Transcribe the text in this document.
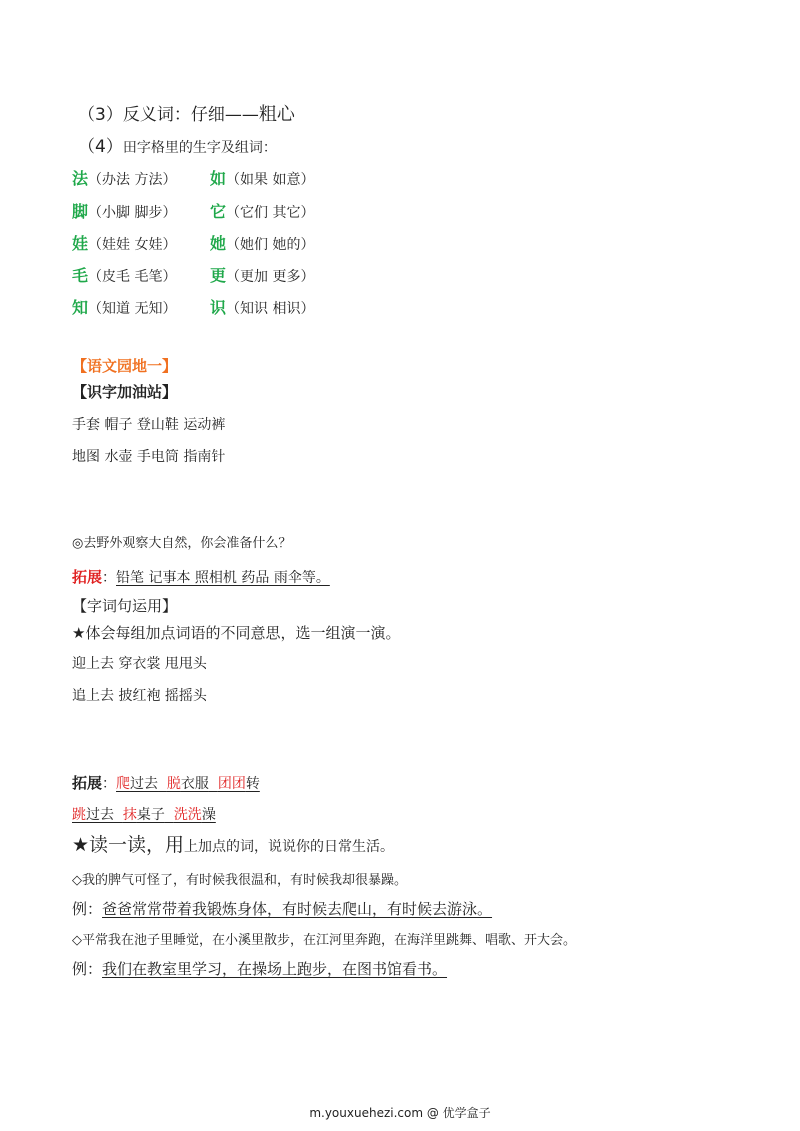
（3）反义词：仔细——粗心
（4）田字格里的生字及组词：
法（办法 方法） 如（如果 如意）
脚（小脚 脚步） 它（它们 其它）
娃（娃娃 女娃） 她（她们 她的）
毛（皮毛 毛笔） 更（更加 更多）
知（知道 无知） 识（知识 相识）
【语文园地一】
【识字加油站】
手套 帽子 登山鞋 运动裤
地图 水壶 手电筒 指南针
◎去野外观察大自然，你会准备什么？
拓展：铅笔 记事本 照相机 药品 雨伞等。
【字词句运用】
★体会每组加点词语的不同意思，选一组演一演。
迎上去 穿衣裳 甩甩头
追上去 披红袍 摇摇头
拓展：爬过去 脱衣服 团团转
跳过去 抹桌子 洗洗澡
★读一读，用上加点的词，说说你的日常生活。
◇我的脾气可怪了，有时候我很温和，有时候我却很暴躁。
例：爸爸常常带着我锻炼身体，有时候去爬山，有时候去游泳。
◇平常我在池子里睡觉，在小溪里散步，在江河里奔跑，在海洋里跳舞、唱歌、开大会。
例：我们在教室里学习，在操场上跑步，在图书馆看书。
m.youxuehezi.com @ 优学盒子
